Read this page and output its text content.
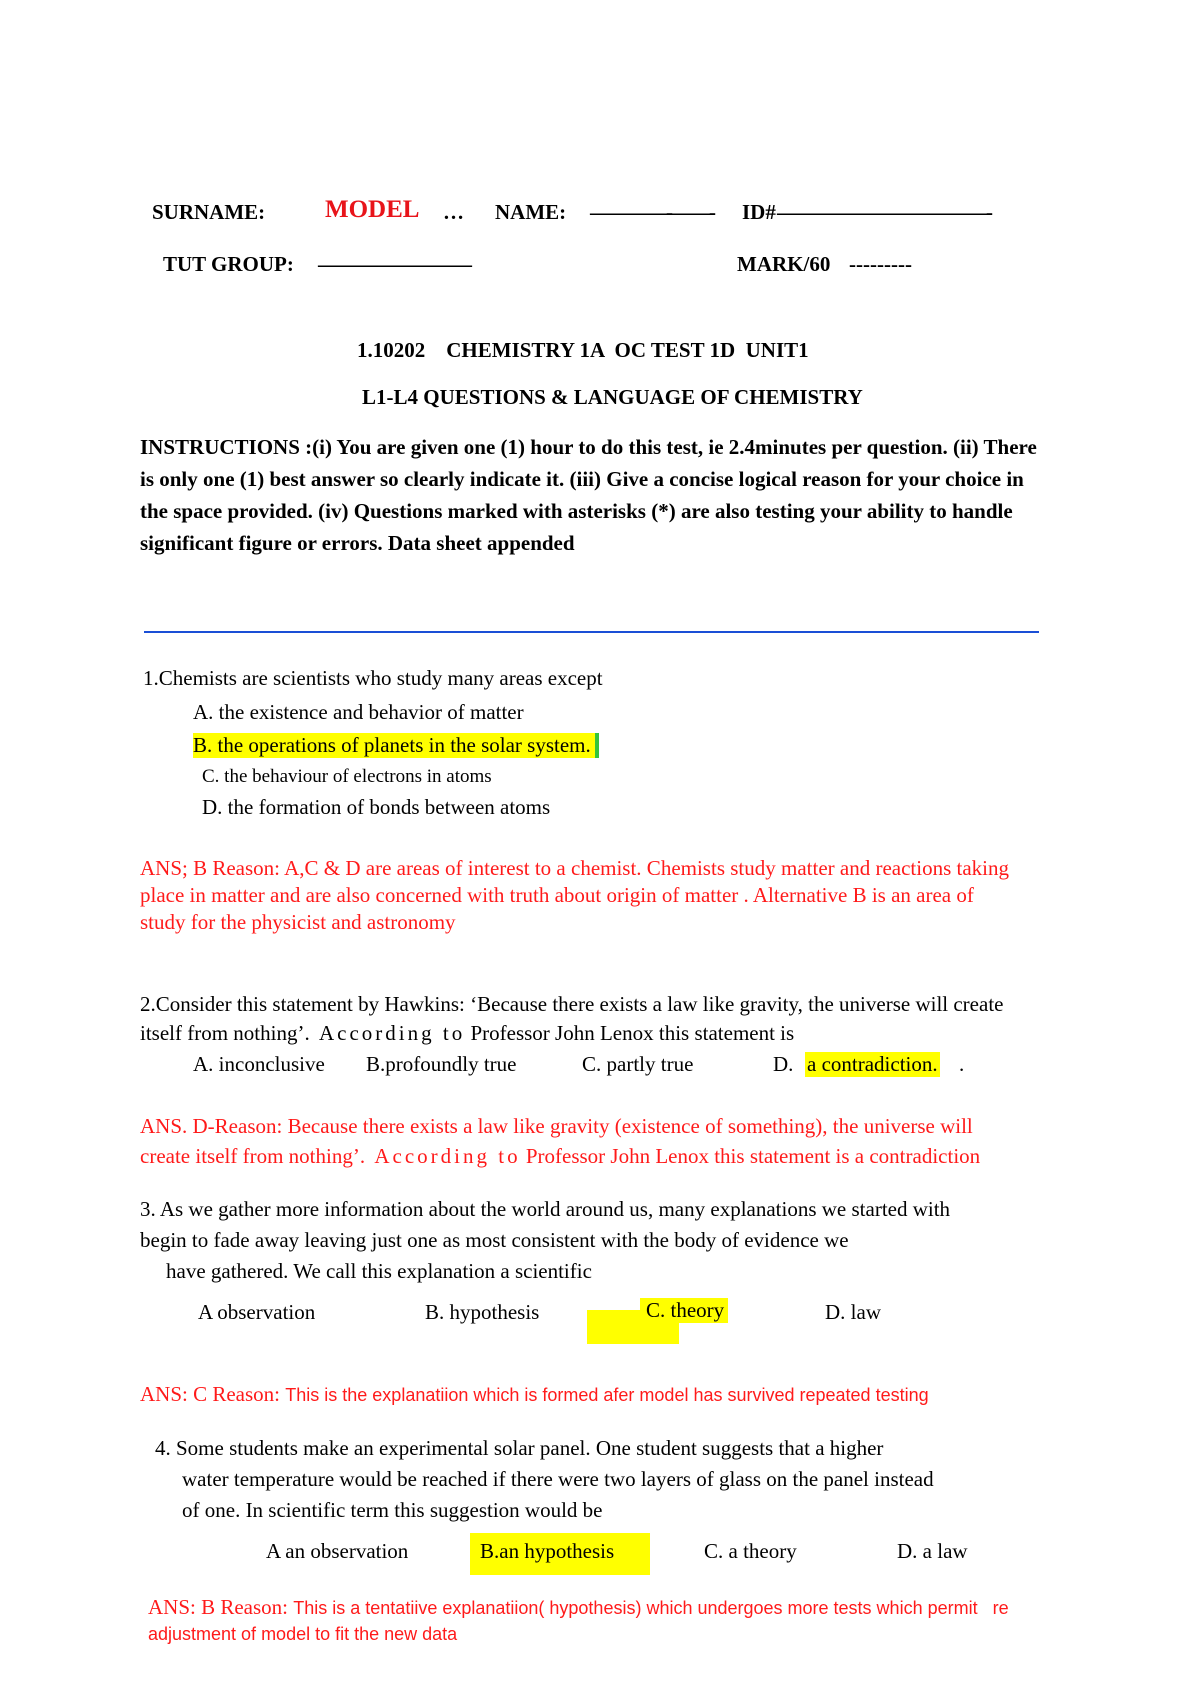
SURNAME: MODEL … NAME: ————-——- ID# ———————————-
TUT GROUP: ————————	MARK/60 ---------
1.10202    CHEMISTRY 1A  OC TEST 1D  UNIT1
L1-L4 QUESTIONS & LANGUAGE OF CHEMISTRY
INSTRUCTIONS :(i) You are given one (1) hour to do this test, ie 2.4minutes per question. (ii) There is only one (1) best answer so clearly indicate it. (iii) Give a concise logical reason for your choice in the space provided. (iv) Questions marked with asterisks (*) are also testing your ability to handle significant figure or errors. Data sheet appended
1.Chemists are scientists who study many areas except
A. the existence and behavior of matter
B. the operations of planets in the solar system.
C. the behaviour of electrons in atoms
D. the formation of bonds between atoms
ANS; B Reason: A,C & D are areas of interest to a chemist. Chemists study matter and reactions taking
place in matter and are also concerned with truth about origin of matter . Alternative B is an area of
study for the physicist and astronomy
2.Consider this statement by Hawkins: ‘Because there exists a law like gravity, the universe will create
itself from nothing’. According to Professor John Lenox this statement is
A. inconclusive B.profoundly true	C. partly true	D. a contradiction. .
ANS. D-Reason: Because there exists a law like gravity (existence of something), the universe will
create itself from nothing’. According to Professor John Lenox this statement is a contradiction
3. As we gather more information about the world around us, many explanations we started with
begin to fade away leaving just one as most consistent with the body of evidence we
have gathered. We call this explanation a scientific
A observation	B. hypothesis	C. theory	D. law
ANS: C Reason: This is the explanatiion which is formed afer model has survived repeated testing
4. Some students make an experimental solar panel. One student suggests that a higher
water temperature would be reached if there were two layers of glass on the panel instead
of one. In scientific term this suggestion would be
A an observation	B.an hypothesis	C. a theory	D. a law
ANS: B Reason: This is a tentatiive explanatiion( hypothesis) which undergoes more tests which permit   re
adjustment of model to fit the new data
